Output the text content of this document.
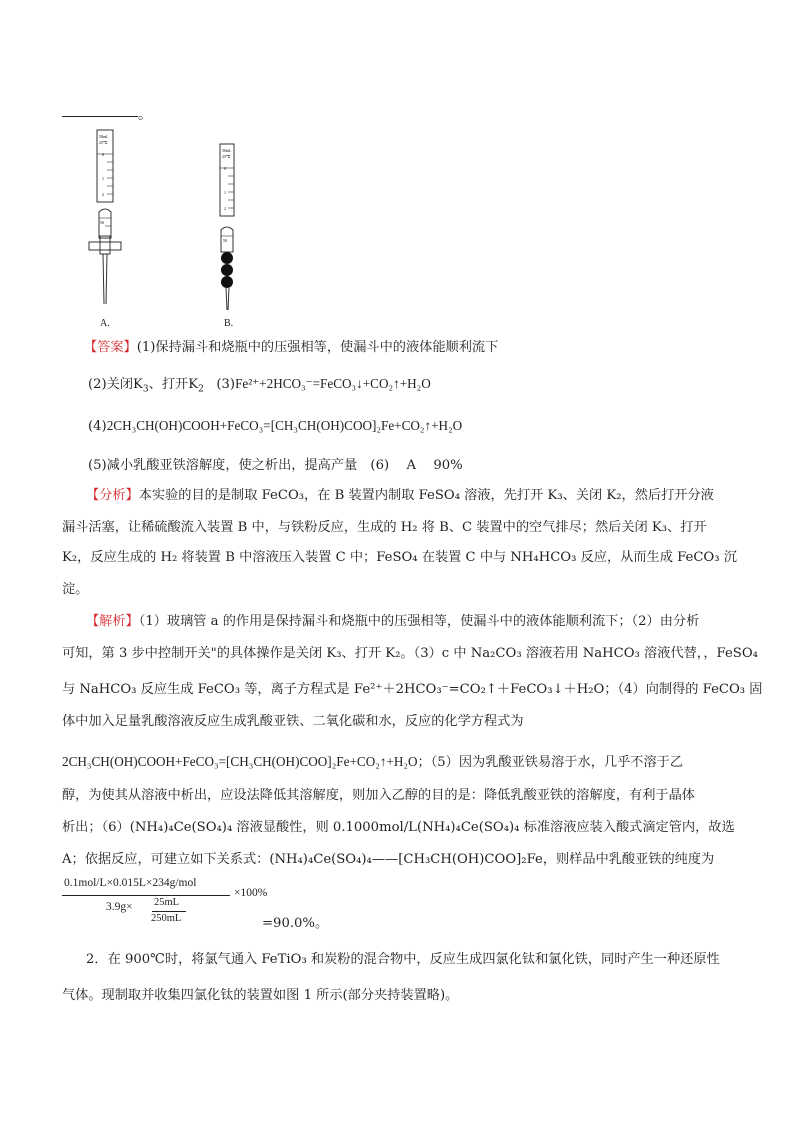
。
50mL
25℃
0
1
2
50
A.
50mL
25℃
0
1
2
50
B.
【答案】(1)保持漏斗和烧瓶中的压强相等，使漏斗中的液体能顺利流下
(2)关闭$K_3$、打开$K_2$ (3)Fe²⁺+2HCO₃⁻=FeCO₃↓+CO₂↑+H₂O
(4)2CH₃CH(OH)COOH+FeCO₃=[CH₃CH(OH)COO]₂Fe+CO₂↑+H₂O
(5)减小乳酸亚铁溶解度，使之析出，提高产量　(6)　 A　 90%
【分析】本实验的目的是制取 FeCO₃，在 B 装置内制取 FeSO₄ 溶液，先打开 K₃、关闭 K₂，然后打开分液
漏斗活塞，让稀硫酸流入装置 B 中，与铁粉反应，生成的 H₂ 将 B、C 装置中的空气排尽；然后关闭 K₃、打开
K₂，反应生成的 H₂ 将装置 B 中溶液压入装置 C 中；FeSO₄ 在装置 C 中与 NH₄HCO₃ 反应，从而生成 FeCO₃ 沉
淀。
【解析】（1）玻璃管 a 的作用是保持漏斗和烧瓶中的压强相等，使漏斗中的液体能顺利流下；（2）由分析
可知，第 3 步中控制开关"的具体操作是关闭 K₃、打开 K₂。（3）c 中 Na₂CO₃ 溶液若用 NaHCO₃ 溶液代替，，FeSO₄
与 NaHCO₃ 反应生成 FeCO₃ 等，离子方程式是 Fe²⁺＋2HCO₃⁻=CO₂↑＋FeCO₃↓＋H₂O；（4）向制得的 FeCO₃ 固
体中加入足量乳酸溶液反应生成乳酸亚铁、二氧化碳和水，反应的化学方程式为
2CH₃CH(OH)COOH+FeCO₃=[CH₃CH(OH)COO]₂Fe+CO₂↑+H₂O；（5）因为乳酸亚铁易溶于水，几乎不溶于乙
醇，为使其从溶液中析出，应设法降低其溶解度，则加入乙醇的目的是：降低乳酸亚铁的溶解度，有利于晶体
析出；（6）(NH₄)₄Ce(SO₄)₄ 溶液显酸性，则 0.1000mol/L(NH₄)₄Ce(SO₄)₄ 标准溶液应装入酸式滴定管内，故选
A；依据反应，可建立如下关系式：(NH₄)₄Ce(SO₄)₄——[CH₃CH(OH)COO]₂Fe，则样品中乳酸亚铁的纯度为
0.1mol/L×0.015L×234g/mol
3.9g× 25mL
250mL
×100%
=90.0%。
2．在 900℃时，将氯气通入 FeTiO₃ 和炭粉的混合物中，反应生成四氯化钛和氯化铁，同时产生一种还原性
气体。现制取并收集四氯化钛的装置如图 1 所示(部分夹持装置略)。
